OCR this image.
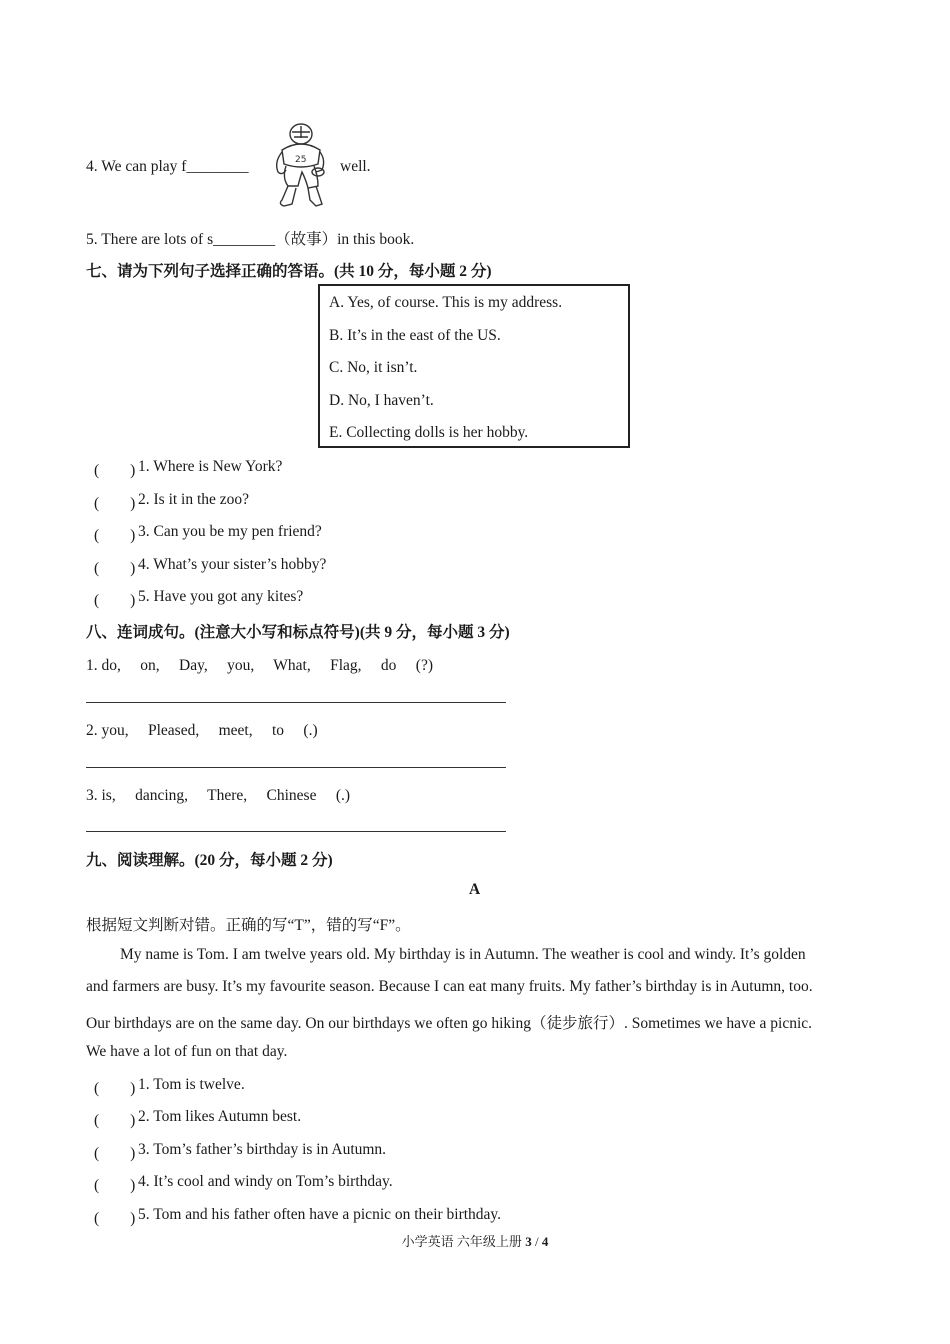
4. We can play f________	25 well.
5. There are lots of s________（故事）in this book.
七、请为下列句子选择正确的答语。(共 10 分，每小题 2 分)
A. Yes, of course. This is my address.
B. It’s in the east of the US.
C. No, it isn’t.
D. No, I haven’t.
E. Collecting dolls is her hobby.
(　　) 1. Where is New York?
(　　) 2. Is it in the zoo?
(　　) 3. Can you be my pen friend?
(　　) 4. What’s your sister’s hobby?
(　　) 5. Have you got any kites?
八、连词成句。(注意大小写和标点符号)(共 9 分，每小题 3 分)
1. do,　 on,　 Day,　 you,　 What,　 Flag,　 do　 (?)
2. you,　 Pleased,　 meet,　 to　 (.)
3. is,　 dancing,　 There,　 Chinese　 (.)
九、阅读理解。(20 分，每小题 2 分)
A
根据短文判断对错。正确的写“T”，错的写“F”。
My name is Tom. I am twelve years old. My birthday is in Autumn. The weather is cool and windy. It’s golden
and farmers are busy. It’s my favourite season. Because I can eat many fruits. My father’s birthday is in Autumn, too.
Our birthdays are on the same day. On our birthdays we often go hiking（徒步旅行）. Sometimes we have a picnic.
We have a lot of fun on that day.
(　　) 1. Tom is twelve.
(　　) 2. Tom likes Autumn best.
(　　) 3. Tom’s father’s birthday is in Autumn.
(　　) 4. It’s cool and windy on Tom’s birthday.
(　　) 5. Tom and his father often have a picnic on their birthday.
小学英语 六年级上册 3 / 4
